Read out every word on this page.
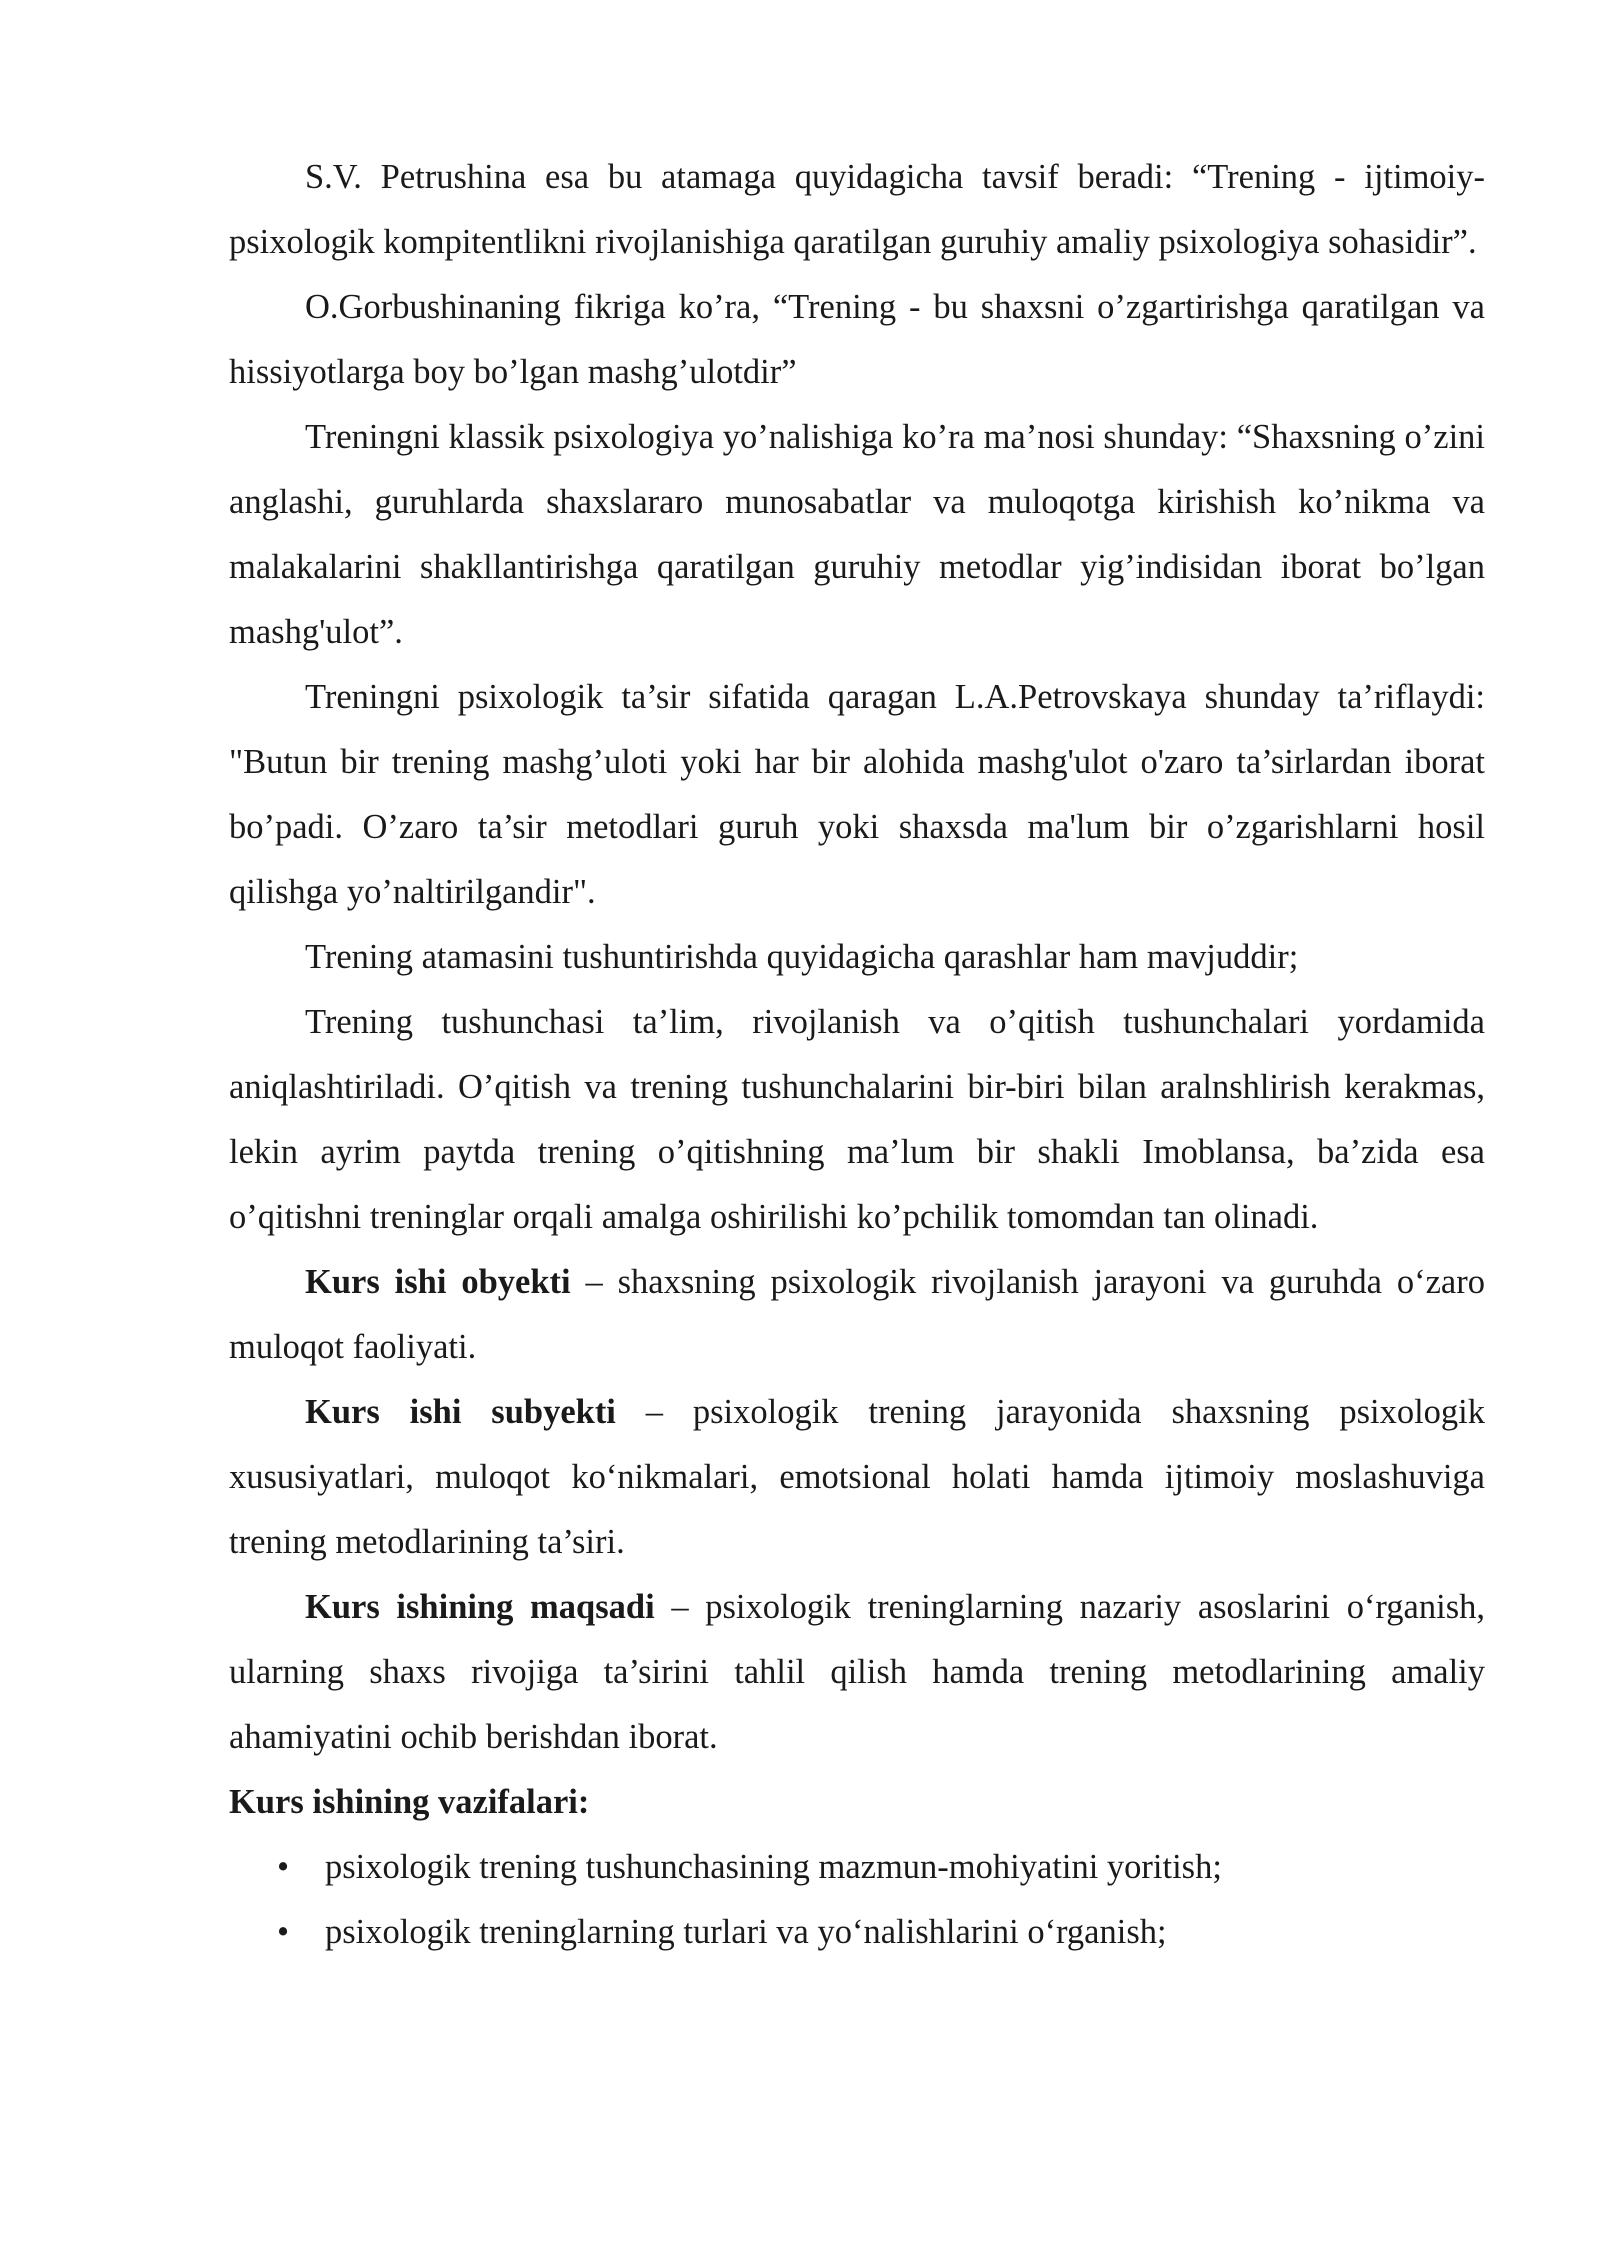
S.V. Petrushina esa bu atamaga quyidagicha tavsif beradi: “Trening - ijtimoiy- psixologik kompitentlikni rivojlanishiga qaratilgan guruhiy amaliy psixologiya sohasidir”.

O.Gorbushinaning fikriga ko’ra, “Trening - bu shaxsni o’zgartirishga qaratilgan va hissiyotlarga boy bo’lgan mashg’ulotdir”

Treningni klassik psixologiya yo’nalishiga ko’ra ma’nosi shunday: “Shaxsning o’zini anglashi, guruhlarda shaxslararo munosabatlar va muloqotga kirishish ko’nikma va malakalarini shakllantirishga qaratilgan guruhiy metodlar yig’indisidan iborat bo’lgan mashg'ulot”.

Treningni psixologik ta’sir sifatida qaragan L.A.Petrovskaya shunday ta’riflaydi: "Butun bir trening mashg’uloti yoki har bir alohida mashg'ulot o'zaro ta’sirlardan iborat bo’padi. O’zaro ta’sir metodlari guruh yoki shaxsda ma'lum bir o’zgarishlarni hosil qilishga yo’naltirilgandir".

Trening atamasini tushuntirishda quyidagicha qarashlar ham mavjuddir;

Trening tushunchasi ta’lim, rivojlanish va o’qitish tushunchalari yordamida aniqlashtiriladi. O’qitish va trening tushunchalarini bir-biri bilan aralnshlirish kerakmas, lekin ayrim paytda trening o’qitishning ma’lum bir shakli Imoblansa, ba’zida esa o’qitishni treninglar orqali amalga oshirilishi ko’pchilik tomomdan tan olinadi.

Kurs ishi obyekti – shaxsning psixologik rivojlanish jarayoni va guruhda o‘zaro muloqot faoliyati.

Kurs ishi subyekti – psixologik trening jarayonida shaxsning psixologik xususiyatlari, muloqot ko‘nikmalari, emotsional holati hamda ijtimoiy moslashuviga trening metodlarining ta’siri.

Kurs ishining maqsadi – psixologik treninglarning nazariy asoslarini o‘rganish, ularning shaxs rivojiga ta’sirini tahlil qilish hamda trening metodlarining amaliy ahamiyatini ochib berishdan iborat.

Kurs ishining vazifalari:

• psixologik trening tushunchasining mazmun-mohiyatini yoritish;
• psixologik treninglarning turlari va yo‘nalishlarini o‘rganish;
